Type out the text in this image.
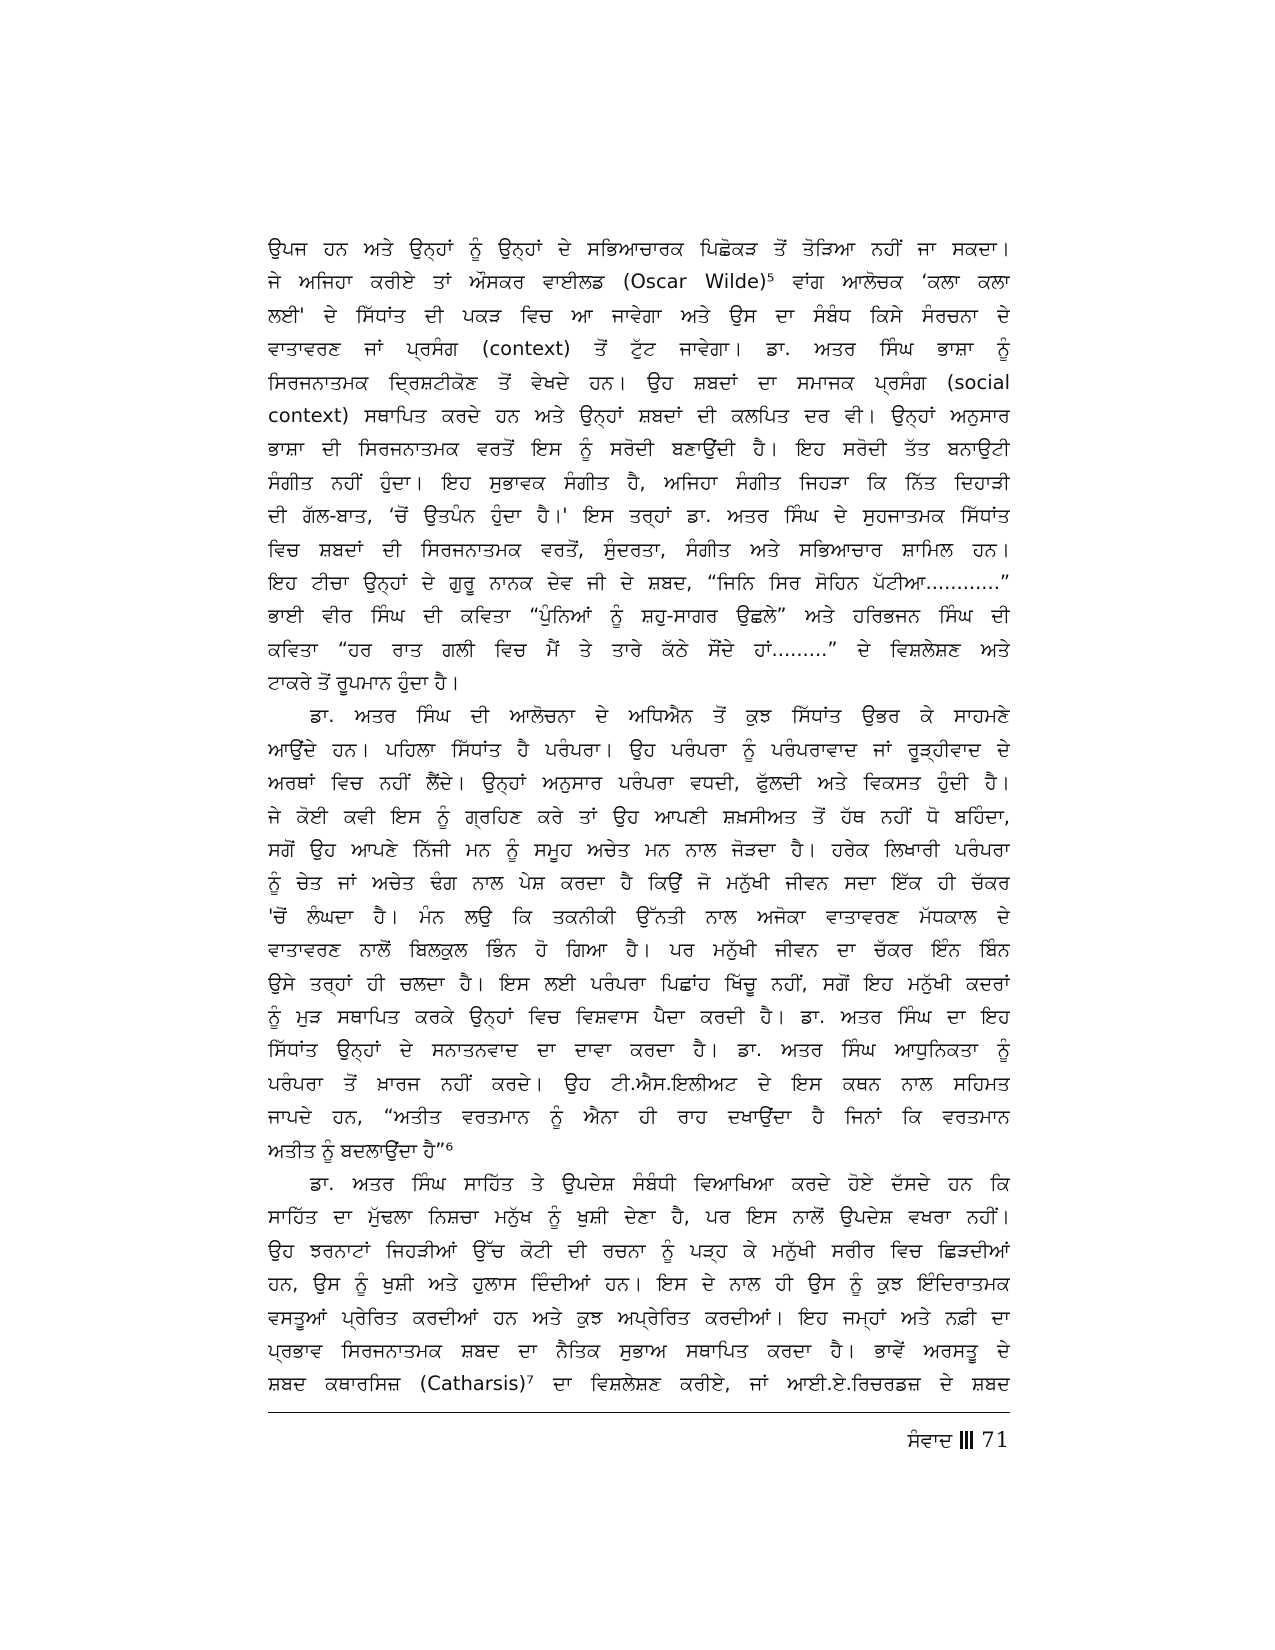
ਉਪਜ ਹਨ ਅਤੇ ਉਨ੍ਹਾਂ ਨੂੰ ਉਨ੍ਹਾਂ ਦੇ ਸਭਿਆਚਾਰਕ ਪਿਛੋਕੜ ਤੋਂ ਤੋੜਿਆ ਨਹੀਂ ਜਾ ਸਕਦਾ।
ਜੇ ਅਜਿਹਾ ਕਰੀਏ ਤਾਂ ਔਸਕਰ ਵਾਈਲਡ (Oscar Wilde)⁵ ਵਾਂਗ ਆਲੋਚਕ ‘ਕਲਾ ਕਲਾ
ਲਈ' ਦੇ ਸਿੱਧਾਂਤ ਦੀ ਪਕੜ ਵਿਚ ਆ ਜਾਵੇਗਾ ਅਤੇ ਉਸ ਦਾ ਸੰਬੰਧ ਕਿਸੇ ਸੰਰਚਨਾ ਦੇ
ਵਾਤਾਵਰਣ ਜਾਂ ਪ੍ਰਸੰਗ (context) ਤੋਂ ਟੁੱਟ ਜਾਵੇਗਾ। ਡਾ. ਅਤਰ ਸਿੰਘ ਭਾਸ਼ਾ ਨੂੰ
ਸਿਰਜਨਾਤਮਕ ਦ੍ਰਿਸ਼ਟੀਕੋਣ ਤੋਂ ਵੇਖਦੇ ਹਨ। ਉਹ ਸ਼ਬਦਾਂ ਦਾ ਸਮਾਜਕ ਪ੍ਰਸੰਗ (social
context) ਸਥਾਪਿਤ ਕਰਦੇ ਹਨ ਅਤੇ ਉਨ੍ਹਾਂ ਸ਼ਬਦਾਂ ਦੀ ਕਲਪਿਤ ਦਰ ਵੀ। ਉਨ੍ਹਾਂ ਅਨੁਸਾਰ
ਭਾਸ਼ਾ ਦੀ ਸਿਰਜਨਾਤਮਕ ਵਰਤੋਂ ਇਸ ਨੂੰ ਸਰੋਦੀ ਬਣਾਉਂਦੀ ਹੈ। ਇਹ ਸਰੋਦੀ ਤੱਤ ਬਨਾਉਟੀ
ਸੰਗੀਤ ਨਹੀਂ ਹੁੰਦਾ। ਇਹ ਸੁਭਾਵਕ ਸੰਗੀਤ ਹੈ, ਅਜਿਹਾ ਸੰਗੀਤ ਜਿਹੜਾ ਕਿ ਨਿੱਤ ਦਿਹਾੜੀ
ਦੀ ਗੱਲ-ਬਾਤ, ‘ਚੋਂ ਉਤਪੰਨ ਹੁੰਦਾ ਹੈ।' ਇਸ ਤਰ੍ਹਾਂ ਡਾ. ਅਤਰ ਸਿੰਘ ਦੇ ਸੁਹਜਾਤਮਕ ਸਿੱਧਾਂਤ
ਵਿਚ ਸ਼ਬਦਾਂ ਦੀ ਸਿਰਜਨਾਤਮਕ ਵਰਤੋਂ, ਸੁੰਦਰਤਾ, ਸੰਗੀਤ ਅਤੇ ਸਭਿਆਚਾਰ ਸ਼ਾਮਿਲ ਹਨ।
ਇਹ ਟੀਚਾ ਉਨ੍ਹਾਂ ਦੇ ਗੁਰੂ ਨਾਨਕ ਦੇਵ ਜੀ ਦੇ ਸ਼ਬਦ, “ਜਿਨਿ ਸਿਰ ਸੋਹਿਨ ਪੱਟੀਆ............”
ਭਾਈ ਵੀਰ ਸਿੰਘ ਦੀ ਕਵਿਤਾ “ਪੁੰਨਿਆਂ ਨੂੰ ਸ਼ਹੁ-ਸਾਗਰ ਉਛਲੇ” ਅਤੇ ਹਰਿਭਜਨ ਸਿੰਘ ਦੀ
ਕਵਿਤਾ “ਹਰ ਰਾਤ ਗਲੀ ਵਿਚ ਮੈਂ ਤੇ ਤਾਰੇ ਕੱਠੇ ਸੌਂਦੇ ਹਾਂ.........” ਦੇ ਵਿਸ਼ਲੇਸ਼ਣ ਅਤੇ
ਟਾਕਰੇ ਤੋਂ ਰੂਪਮਾਨ ਹੁੰਦਾ ਹੈ।
ਡਾ. ਅਤਰ ਸਿੰਘ ਦੀ ਆਲੋਚਨਾ ਦੇ ਅਧਿਐਨ ਤੋਂ ਕੁਝ ਸਿੱਧਾਂਤ ਉਭਰ ਕੇ ਸਾਹਮਣੇ
ਆਉਂਦੇ ਹਨ। ਪਹਿਲਾ ਸਿੱਧਾਂਤ ਹੈ ਪਰੰਪਰਾ। ਉਹ ਪਰੰਪਰਾ ਨੂੰ ਪਰੰਪਰਾਵਾਦ ਜਾਂ ਰੂੜ੍ਹੀਵਾਦ ਦੇ
ਅਰਥਾਂ ਵਿਚ ਨਹੀਂ ਲੈਂਦੇ। ਉਨ੍ਹਾਂ ਅਨੁਸਾਰ ਪਰੰਪਰਾ ਵਧਦੀ, ਫੁੱਲਦੀ ਅਤੇ ਵਿਕਸਤ ਹੁੰਦੀ ਹੈ।
ਜੇ ਕੋਈ ਕਵੀ ਇਸ ਨੂੰ ਗ੍ਰਹਿਣ ਕਰੇ ਤਾਂ ਉਹ ਆਪਣੀ ਸ਼ਖ਼ਸੀਅਤ ਤੋਂ ਹੱਥ ਨਹੀਂ ਧੋ ਬਹਿੰਦਾ,
ਸਗੋਂ ਉਹ ਆਪਣੇ ਨਿੱਜੀ ਮਨ ਨੂੰ ਸਮੂਹ ਅਚੇਤ ਮਨ ਨਾਲ ਜੋੜਦਾ ਹੈ। ਹਰੇਕ ਲਿਖਾਰੀ ਪਰੰਪਰਾ
ਨੂੰ ਚੇਤ ਜਾਂ ਅਚੇਤ ਢੰਗ ਨਾਲ ਪੇਸ਼ ਕਰਦਾ ਹੈ ਕਿਉਂ ਜੋ ਮਨੁੱਖੀ ਜੀਵਨ ਸਦਾ ਇੱਕ ਹੀ ਚੱਕਰ
'ਚੋਂ ਲੰਘਦਾ ਹੈ। ਮੰਨ ਲਉ ਕਿ ਤਕਨੀਕੀ ਉੱਨਤੀ ਨਾਲ ਅਜੋਕਾ ਵਾਤਾਵਰਣ ਮੱਧਕਾਲ ਦੇ
ਵਾਤਾਵਰਣ ਨਾਲੋਂ ਬਿਲਕੁਲ ਭਿੰਨ ਹੋ ਗਿਆ ਹੈ। ਪਰ ਮਨੁੱਖੀ ਜੀਵਨ ਦਾ ਚੱਕਰ ਇੰਨ ਬਿੰਨ
ਉਸੇ ਤਰ੍ਹਾਂ ਹੀ ਚਲਦਾ ਹੈ। ਇਸ ਲਈ ਪਰੰਪਰਾ ਪਿਛਾਂਹ ਖਿੱਚੂ ਨਹੀਂ, ਸਗੋਂ ਇਹ ਮਨੁੱਖੀ ਕਦਰਾਂ
ਨੂੰ ਮੁੜ ਸਥਾਪਿਤ ਕਰਕੇ ਉਨ੍ਹਾਂ ਵਿਚ ਵਿਸ਼ਵਾਸ ਪੈਦਾ ਕਰਦੀ ਹੈ। ਡਾ. ਅਤਰ ਸਿੰਘ ਦਾ ਇਹ
ਸਿੱਧਾਂਤ ਉਨ੍ਹਾਂ ਦੇ ਸਨਾਤਨਵਾਦ ਦਾ ਦਾਵਾ ਕਰਦਾ ਹੈ। ਡਾ. ਅਤਰ ਸਿੰਘ ਆਧੁਨਿਕਤਾ ਨੂੰ
ਪਰੰਪਰਾ ਤੋਂ ਖ਼ਾਰਜ ਨਹੀਂ ਕਰਦੇ। ਉਹ ਟੀ.ਐਸ.ਇਲੀਅਟ ਦੇ ਇਸ ਕਥਨ ਨਾਲ ਸਹਿਮਤ
ਜਾਪਦੇ ਹਨ, “ਅਤੀਤ ਵਰਤਮਾਨ ਨੂੰ ਐਨਾ ਹੀ ਰਾਹ ਦਖਾਉਂਦਾ ਹੈ ਜਿਨਾਂ ਕਿ ਵਰਤਮਾਨ
ਅਤੀਤ ਨੂੰ ਬਦਲਾਉਂਦਾ ਹੈ”⁶
ਡਾ. ਅਤਰ ਸਿੰਘ ਸਾਹਿੱਤ ਤੇ ਉਪਦੇਸ਼ ਸੰਬੰਧੀ ਵਿਆਖਿਆ ਕਰਦੇ ਹੋਏ ਦੱਸਦੇ ਹਨ ਕਿ
ਸਾਹਿੱਤ ਦਾ ਮੁੱਢਲਾ ਨਿਸ਼ਚਾ ਮਨੁੱਖ ਨੂੰ ਖੁਸ਼ੀ ਦੇਣਾ ਹੈ, ਪਰ ਇਸ ਨਾਲੋਂ ਉਪਦੇਸ਼ ਵਖਰਾ ਨਹੀਂ।
ਉਹ ਝਰਨਾਟਾਂ ਜਿਹੜੀਆਂ ਉੱਚ ਕੋਟੀ ਦੀ ਰਚਨਾ ਨੂੰ ਪੜ੍ਹ ਕੇ ਮਨੁੱਖੀ ਸਰੀਰ ਵਿਚ ਛਿੜਦੀਆਂ
ਹਨ, ਉਸ ਨੂੰ ਖੁਸ਼ੀ ਅਤੇ ਹੁਲਾਸ ਦਿੰਦੀਆਂ ਹਨ। ਇਸ ਦੇ ਨਾਲ ਹੀ ਉਸ ਨੂੰ ਕੁਝ ਇੰਦਿਰਾਤਮਕ
ਵਸਤੂਆਂ ਪ੍ਰੇਰਿਤ ਕਰਦੀਆਂ ਹਨ ਅਤੇ ਕੁਝ ਅਪ੍ਰੇਰਿਤ ਕਰਦੀਆਂ। ਇਹ ਜਮ੍ਹਾਂ ਅਤੇ ਨਫ਼ੀ ਦਾ
ਪ੍ਰਭਾਵ ਸਿਰਜਨਾਤਮਕ ਸ਼ਬਦ ਦਾ ਨੈਤਿਕ ਸੁਭਾਅ ਸਥਾਪਿਤ ਕਰਦਾ ਹੈ। ਭਾਵੇਂ ਅਰਸਤੂ ਦੇ
ਸ਼ਬਦ ਕਥਾਰਸਿਜ਼ (Catharsis)⁷ ਦਾ ਵਿਸ਼ਲੇਸ਼ਣ ਕਰੀਏ, ਜਾਂ ਆਈ.ਏ.ਰਿਚਰਡਜ਼ ਦੇ ਸ਼ਬਦ
ਸੰਵਾਦ 71
